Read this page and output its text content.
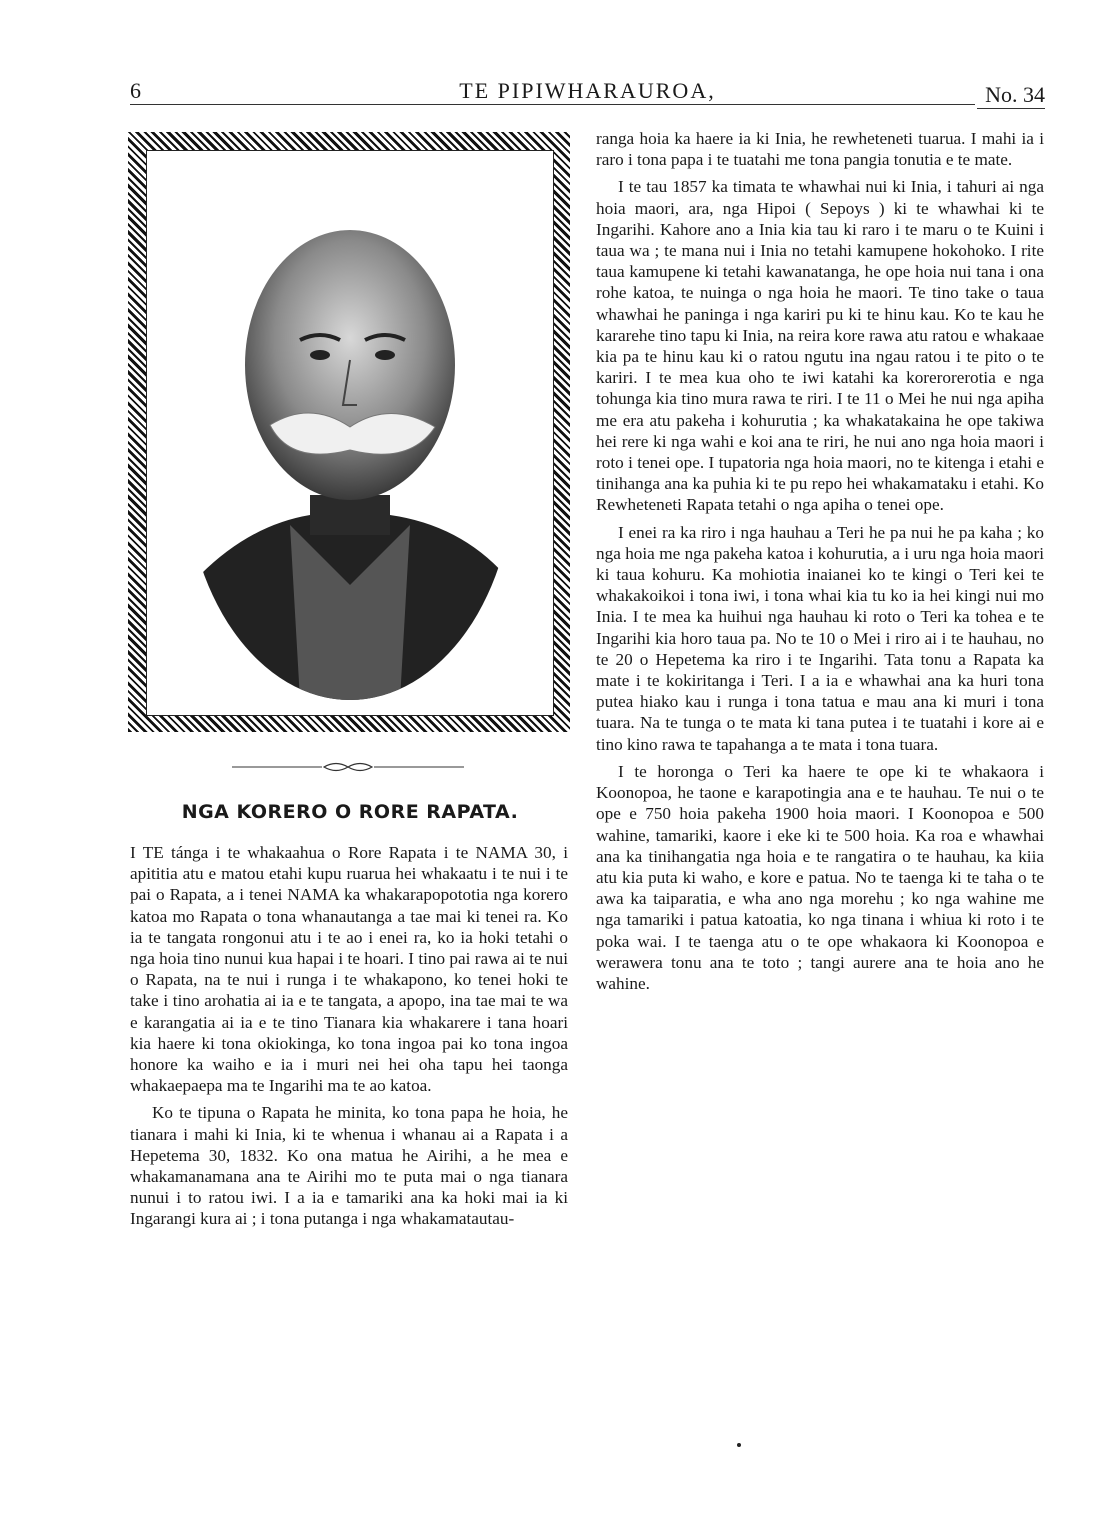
6	TE PIPIWHARAUROA,	No. 34
NGA KORERO O RORE RAPATA.

I TE tánga i te whakaahua o Rore Rapata i te NAMA 30, i apititia atu e matou etahi kupu ruarua hei whakaatu i te nui i te pai o Rapata, a i tenei NAMA ka whakarapopototia nga korero katoa mo Rapata o tona whanautanga a tae mai ki tenei ra. Ko ia te tangata rongonui atu i te ao i enei ra, ko ia hoki tetahi o nga hoia tino nunui kua hapai i te hoari. I tino pai rawa ai te nui o Rapata, na te nui i runga i te whakapono, ko tenei hoki te take i tino arohatia ai ia e te tangata, a apopo, ina tae mai te wa e karangatia ai ia e te tino Tianara kia whakarere i tana hoari kia haere ki tona okiokinga, ko tona ingoa pai ko tona ingoa honore ka waiho e ia i muri nei hei oha tapu hei taonga whakaepaepa ma te Ingarihi ma te ao katoa.

Ko te tipuna o Rapata he minita, ko tona papa he hoia, he tianara i mahi ki Inia, ki te whenua i whanau ai a Rapata i a Hepetema 30, 1832. Ko ona matua he Airihi, a he mea e whakamanamana ana te Airihi mo te puta mai o nga tianara nunui i to ratou iwi. I a ia e tamariki ana ka hoki mai ia ki Ingarangi kura ai ; i tona putanga i nga whakamatautau-

ranga hoia ka haere ia ki Inia, he rewheteneti tuarua. I mahi ia i raro i tona papa i te tuatahi me tona pangia tonutia e te mate.

I te tau 1857 ka timata te whawhai nui ki Inia, i tahuri ai nga hoia maori, ara, nga Hipoi ( Sepoys ) ki te whawhai ki te Ingarihi. Kahore ano a Inia kia tau ki raro i te maru o te Kuini i taua wa ; te mana nui i Inia no tetahi kamupene hokohoko. I rite taua kamupene ki tetahi kawanatanga, he ope hoia nui tana i ona rohe katoa, te nuinga o nga hoia he maori. Te tino take o taua whawhai he paninga i nga kariri pu ki te hinu kau. Ko te kau he kararehe tino tapu ki Inia, na reira kore rawa atu ratou e whakaae kia pa te hinu kau ki o ratou ngutu ina ngau ratou i te pito o te kariri. I te mea kua oho te iwi katahi ka korerorerotia e nga tohunga kia tino mura rawa te riri. I te 11 o Mei he nui nga apiha me era atu pakeha i kohurutia ; ka whakatakaina he ope takiwa hei rere ki nga wahi e koi ana te riri, he nui ano nga hoia maori i roto i tenei ope. I tupatoria nga hoia maori, no te kitenga i etahi e tinihanga ana ka puhia ki te pu repo hei whakamataku i etahi. Ko Rewheteneti Rapata tetahi o nga apiha o tenei ope.

I enei ra ka riro i nga hauhau a Teri he pa nui he pa kaha ; ko nga hoia me nga pakeha katoa i kohurutia, a i uru nga hoia maori ki taua kohuru. Ka mohiotia inaianei ko te kingi o Teri kei te whakakoikoi i tona iwi, i tona whai kia tu ko ia hei kingi nui mo Inia. I te mea ka huihui nga hauhau ki roto o Teri ka tohea e te Ingarihi kia horo taua pa. No te 10 o Mei i riro ai i te hauhau, no te 20 o Hepetema ka riro i te Ingarihi. Tata tonu a Rapata ka mate i te kokiritanga i Teri. I a ia e whawhai ana ka huri tona putea hiako kau i runga i tona tatua e mau ana ki muri i tona tuara. Na te tunga o te mata ki tana putea i te tuatahi i kore ai e tino kino rawa te tapahanga a te mata i tona tuara.

I te horonga o Teri ka haere te ope ki te whakaora i Koonopoa, he taone e karapotingia ana e te hauhau. Te nui o te ope e 750 hoia pakeha 1900 hoia maori. I Koonopoa e 500 wahine, tamariki, kaore i eke ki te 500 hoia. Ka roa e whawhai ana ka tinihangatia nga hoia e te rangatira o te hauhau, ka kiia atu kia puta ki waho, e kore e patua. No te taenga ki te taha o te awa ka taiparatia, e wha ano nga morehu ; ko nga wahine me nga tamariki i patua katoatia, ko nga tinana i whiua ki roto i te poka wai. I te taenga atu o te ope whakaora ki Koonopoa e werawera tonu ana te toto ; tangi aurere ana te hoia ano he wahine.
